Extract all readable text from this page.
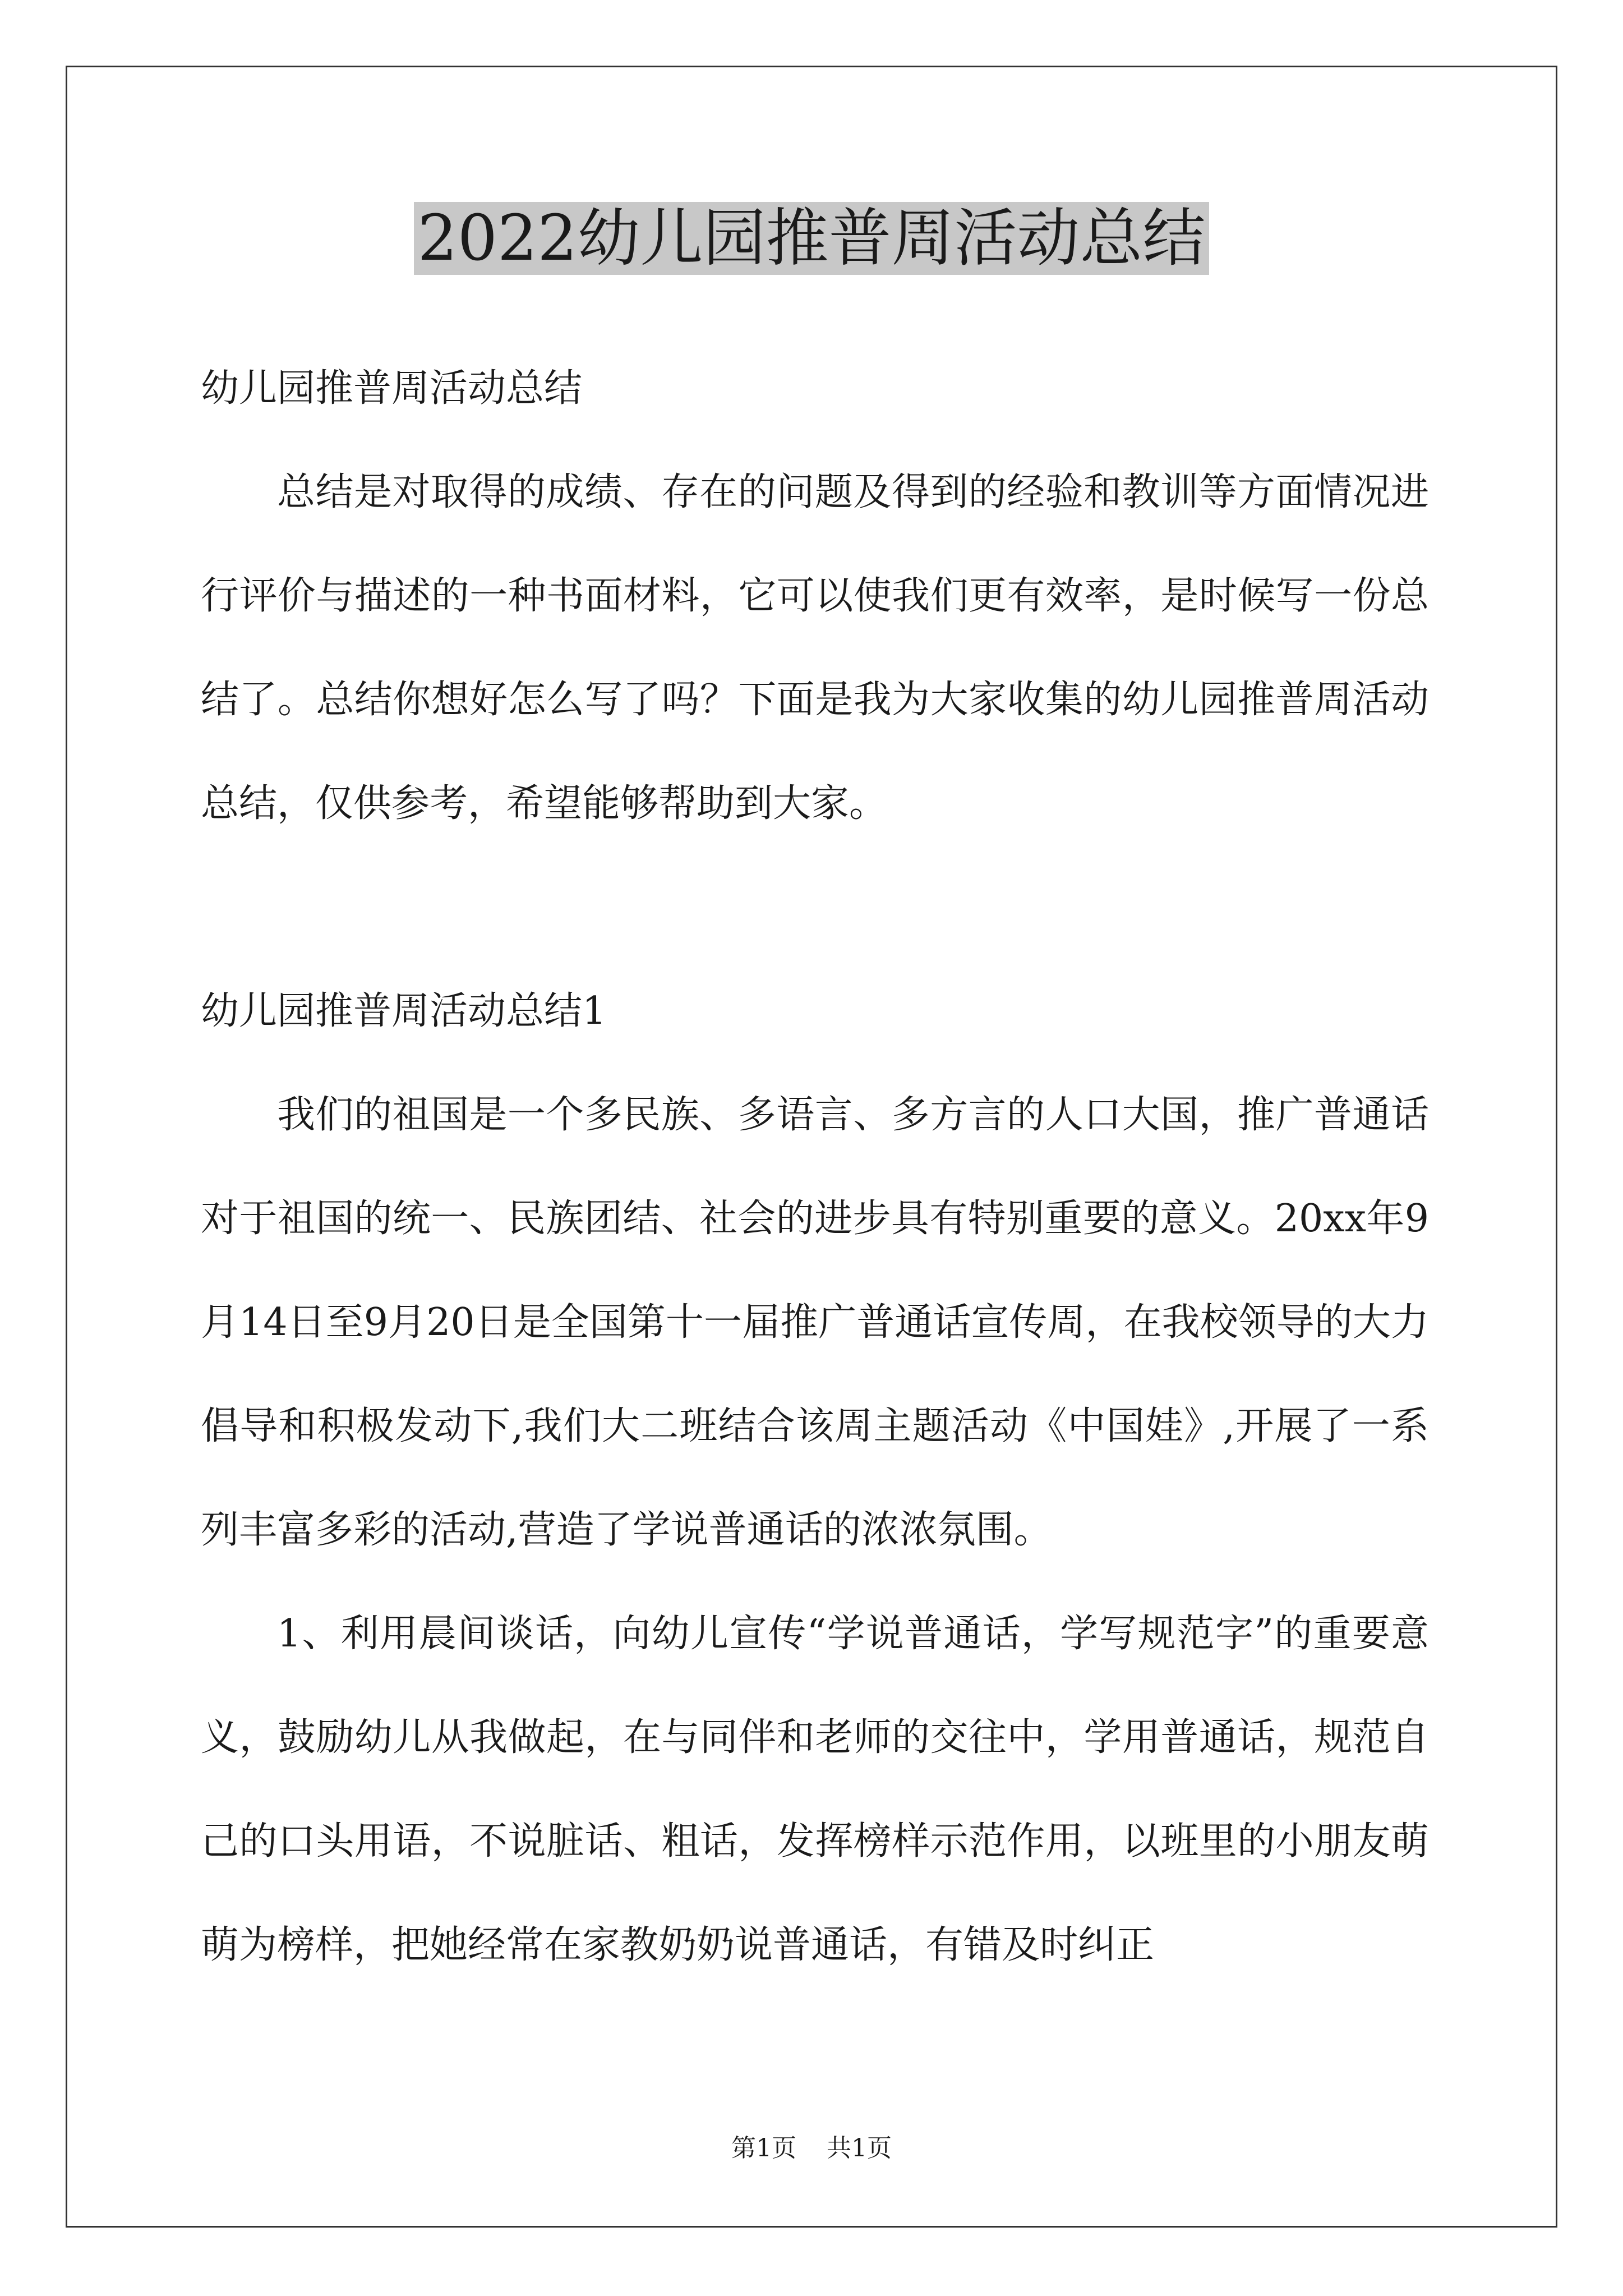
2022幼儿园推普周活动总结

幼儿园推普周活动总结

总结是对取得的成绩、存在的问题及得到的经验和教训等方面情况进行评价与描述的一种书面材料，它可以使我们更有效率，是时候写一份总结了。总结你想好怎么写了吗？下面是我为大家收集的幼儿园推普周活动总结，仅供参考，希望能够帮助到大家。

幼儿园推普周活动总结1

我们的祖国是一个多民族、多语言、多方言的人口大国，推广普通话对于祖国的统一、民族团结、社会的进步具有特别重要的意义。20xx年9月14日至9月20日是全国第十一届推广普通话宣传周，在我校领导的大力倡导和积极发动下,我们大二班结合该周主题活动《中国娃》,开展了一系列丰富多彩的活动,营造了学说普通话的浓浓氛围。

1、利用晨间谈话，向幼儿宣传“学说普通话，学写规范字”的重要意义，鼓励幼儿从我做起，在与同伴和老师的交往中，学用普通话，规范自己的口头用语，不说脏话、粗话，发挥榜样示范作用，以班里的小朋友萌萌为榜样，把她经常在家教奶奶说普通话，有错及时纠正

第1页 共1页
